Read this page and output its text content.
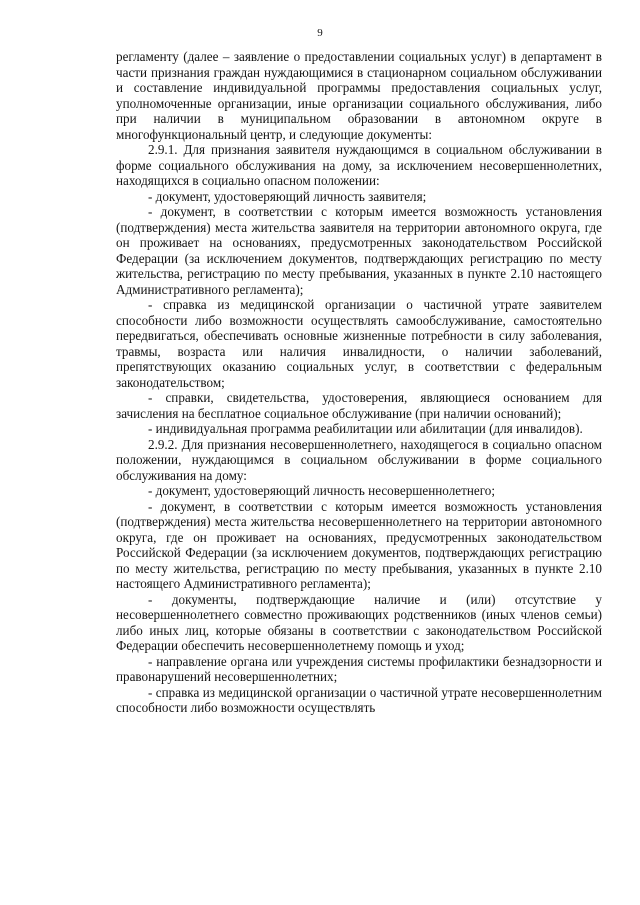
9

регламенту (далее – заявление о предоставлении социальных услуг) в департамент в части признания граждан нуждающимися в стационарном социальном обслуживании и составление индивидуальной программы предоставления социальных услуг, уполномоченные организации, иные организации социального обслуживания, либо при наличии в муниципальном образовании в автономном округе в многофункциональный центр, и следующие документы:

2.9.1. Для признания заявителя нуждающимся в социальном обслуживании в форме социального обслуживания на дому, за исключением несовершеннолетних, находящихся в социально опасном положении:

- документ, удостоверяющий личность заявителя;

- документ, в соответствии с которым имеется возможность установления (подтверждения) места жительства заявителя на территории автономного округа, где он проживает на основаниях, предусмотренных законодательством Российской Федерации (за исключением документов, подтверждающих регистрацию по месту жительства, регистрацию по месту пребывания, указанных в пункте 2.10 настоящего Административного регламента);

- справка из медицинской организации о частичной утрате заявителем способности либо возможности осуществлять самообслуживание, самостоятельно передвигаться, обеспечивать основные жизненные потребности в силу заболевания, травмы, возраста или наличия инвалидности, о наличии заболеваний, препятствующих оказанию социальных услуг, в соответствии с федеральным законодательством;

- справки, свидетельства, удостоверения, являющиеся основанием для зачисления на бесплатное социальное обслуживание (при наличии оснований);

- индивидуальная программа реабилитации или абилитации (для инвалидов).

2.9.2. Для признания несовершеннолетнего, находящегося в социально опасном положении, нуждающимся в социальном обслуживании в форме социального обслуживания на дому:

- документ, удостоверяющий личность несовершеннолетнего;

- документ, в соответствии с которым имеется возможность установления (подтверждения) места жительства несовершеннолетнего на территории автономного округа, где он проживает на основаниях, предусмотренных законодательством Российской Федерации (за исключением документов, подтверждающих регистрацию по месту жительства, регистрацию по месту пребывания, указанных в пункте 2.10 настоящего Административного регламента);

- документы, подтверждающие наличие и (или) отсутствие у несовершеннолетнего совместно проживающих родственников (иных членов семьи) либо иных лиц, которые обязаны в соответствии с законодательством Российской Федерации обеспечить несовершеннолетнему помощь и уход;

- направление органа или учреждения системы профилактики безнадзорности и правонарушений несовершеннолетних;

- справка из медицинской организации о частичной утрате несовершеннолетним способности либо возможности осуществлять
